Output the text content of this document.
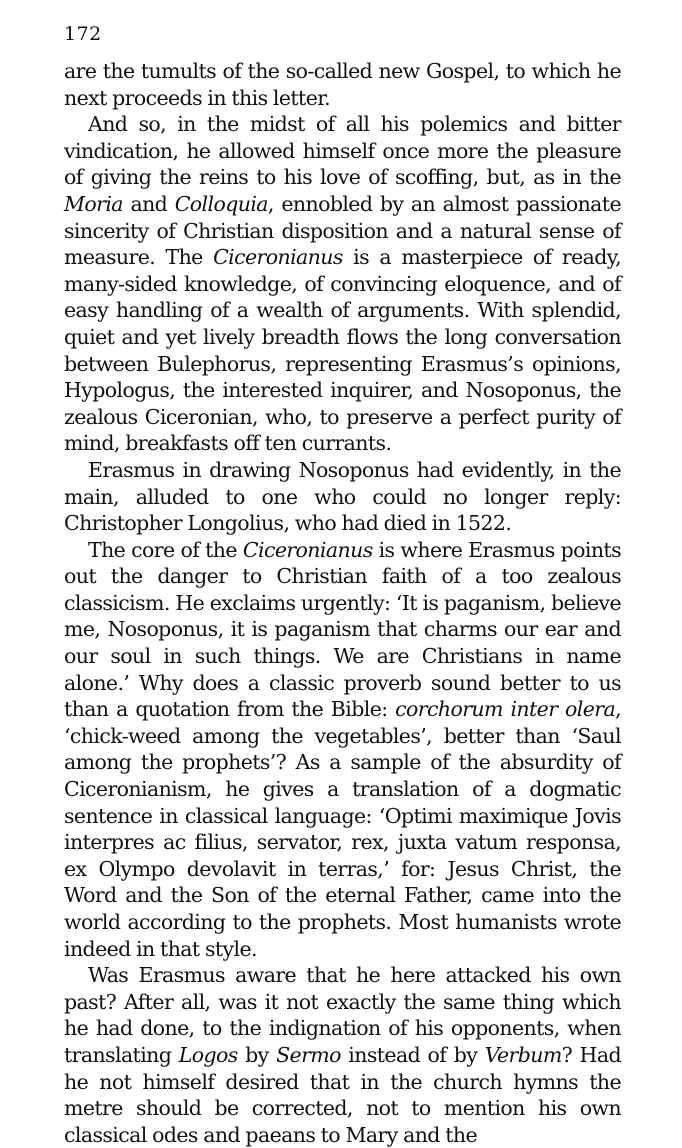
172

are the tumults of the so-called new Gospel, to which he next proceeds in this letter.

And so, in the midst of all his polemics and bitter vindication, he allowed himself once more the pleasure of giving the reins to his love of scoffing, but, as in the Moria and Colloquia, ennobled by an almost passionate sincerity of Christian disposition and a natural sense of measure. The Ciceronianus is a masterpiece of ready, many-sided knowledge, of convincing eloquence, and of easy handling of a wealth of arguments. With splendid, quiet and yet lively breadth flows the long conversation between Bulephorus, representing Erasmus’s opinions, Hypologus, the interested inquirer, and Nosoponus, the zealous Ciceronian, who, to preserve a perfect purity of mind, breakfasts off ten currants.

Erasmus in drawing Nosoponus had evidently, in the main, alluded to one who could no longer reply: Christopher Longolius, who had died in 1522.

The core of the Ciceronianus is where Erasmus points out the danger to Christian faith of a too zealous classicism. He exclaims urgently: ‘It is paganism, believe me, Nosoponus, it is paganism that charms our ear and our soul in such things. We are Christians in name alone.’ Why does a classic proverb sound better to us than a quotation from the Bible: corchorum inter olera, ‘chick-weed among the vegetables’, better than ‘Saul among the prophets’? As a sample of the absurdity of Ciceronianism, he gives a translation of a dogmatic sentence in classical language: ‘Optimi maximique Jovis interpres ac filius, servator, rex, juxta vatum responsa, ex Olympo devolavit in terras,’ for: Jesus Christ, the Word and the Son of the eternal Father, came into the world according to the prophets. Most humanists wrote indeed in that style.

Was Erasmus aware that he here attacked his own past? After all, was it not exactly the same thing which he had done, to the indignation of his opponents, when translating Logos by Sermo instead of by Verbum? Had he not himself desired that in the church hymns the metre should be corrected, not to mention his own classical odes and paeans to Mary and the
